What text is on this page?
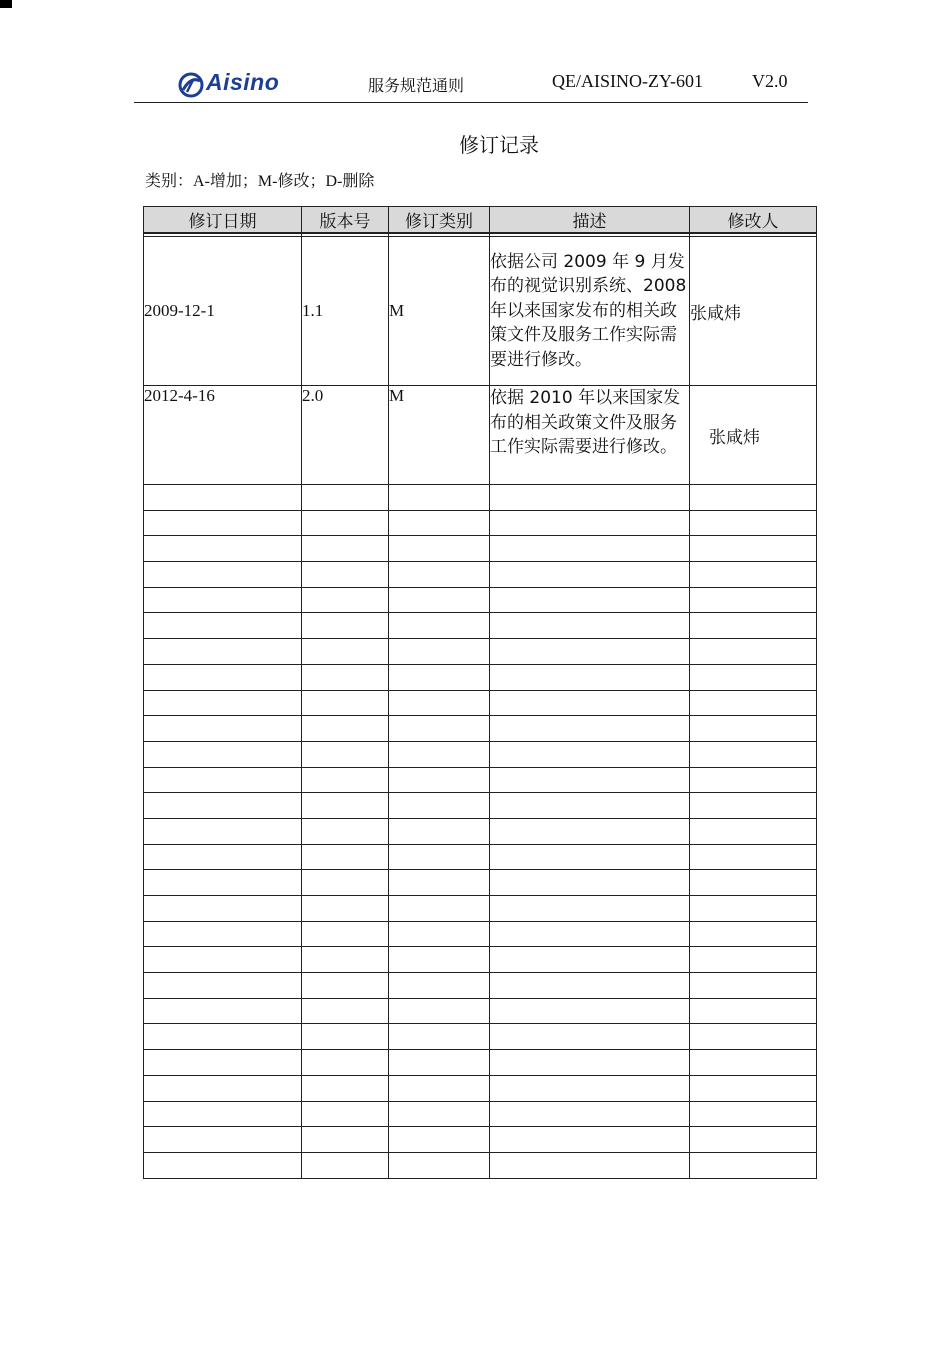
Aisino	服务规范通则	QE/AISINO-ZY-601	V2.0
修订记录
类别：A-增加；M-修改；D-删除
修订日期	版本号	修订类别	描述	修改人

2009-12-1	1.1	M	依据公司 2009 年 9 月发布的视觉识别系统、2008 年以来国家发布的相关政策文件及服务工作实际需要进行修改。	张咸炜
2012-4-16	2.0	M	依据 2010 年以来国家发布的相关政策文件及服务工作实际需要进行修改。	张咸炜
